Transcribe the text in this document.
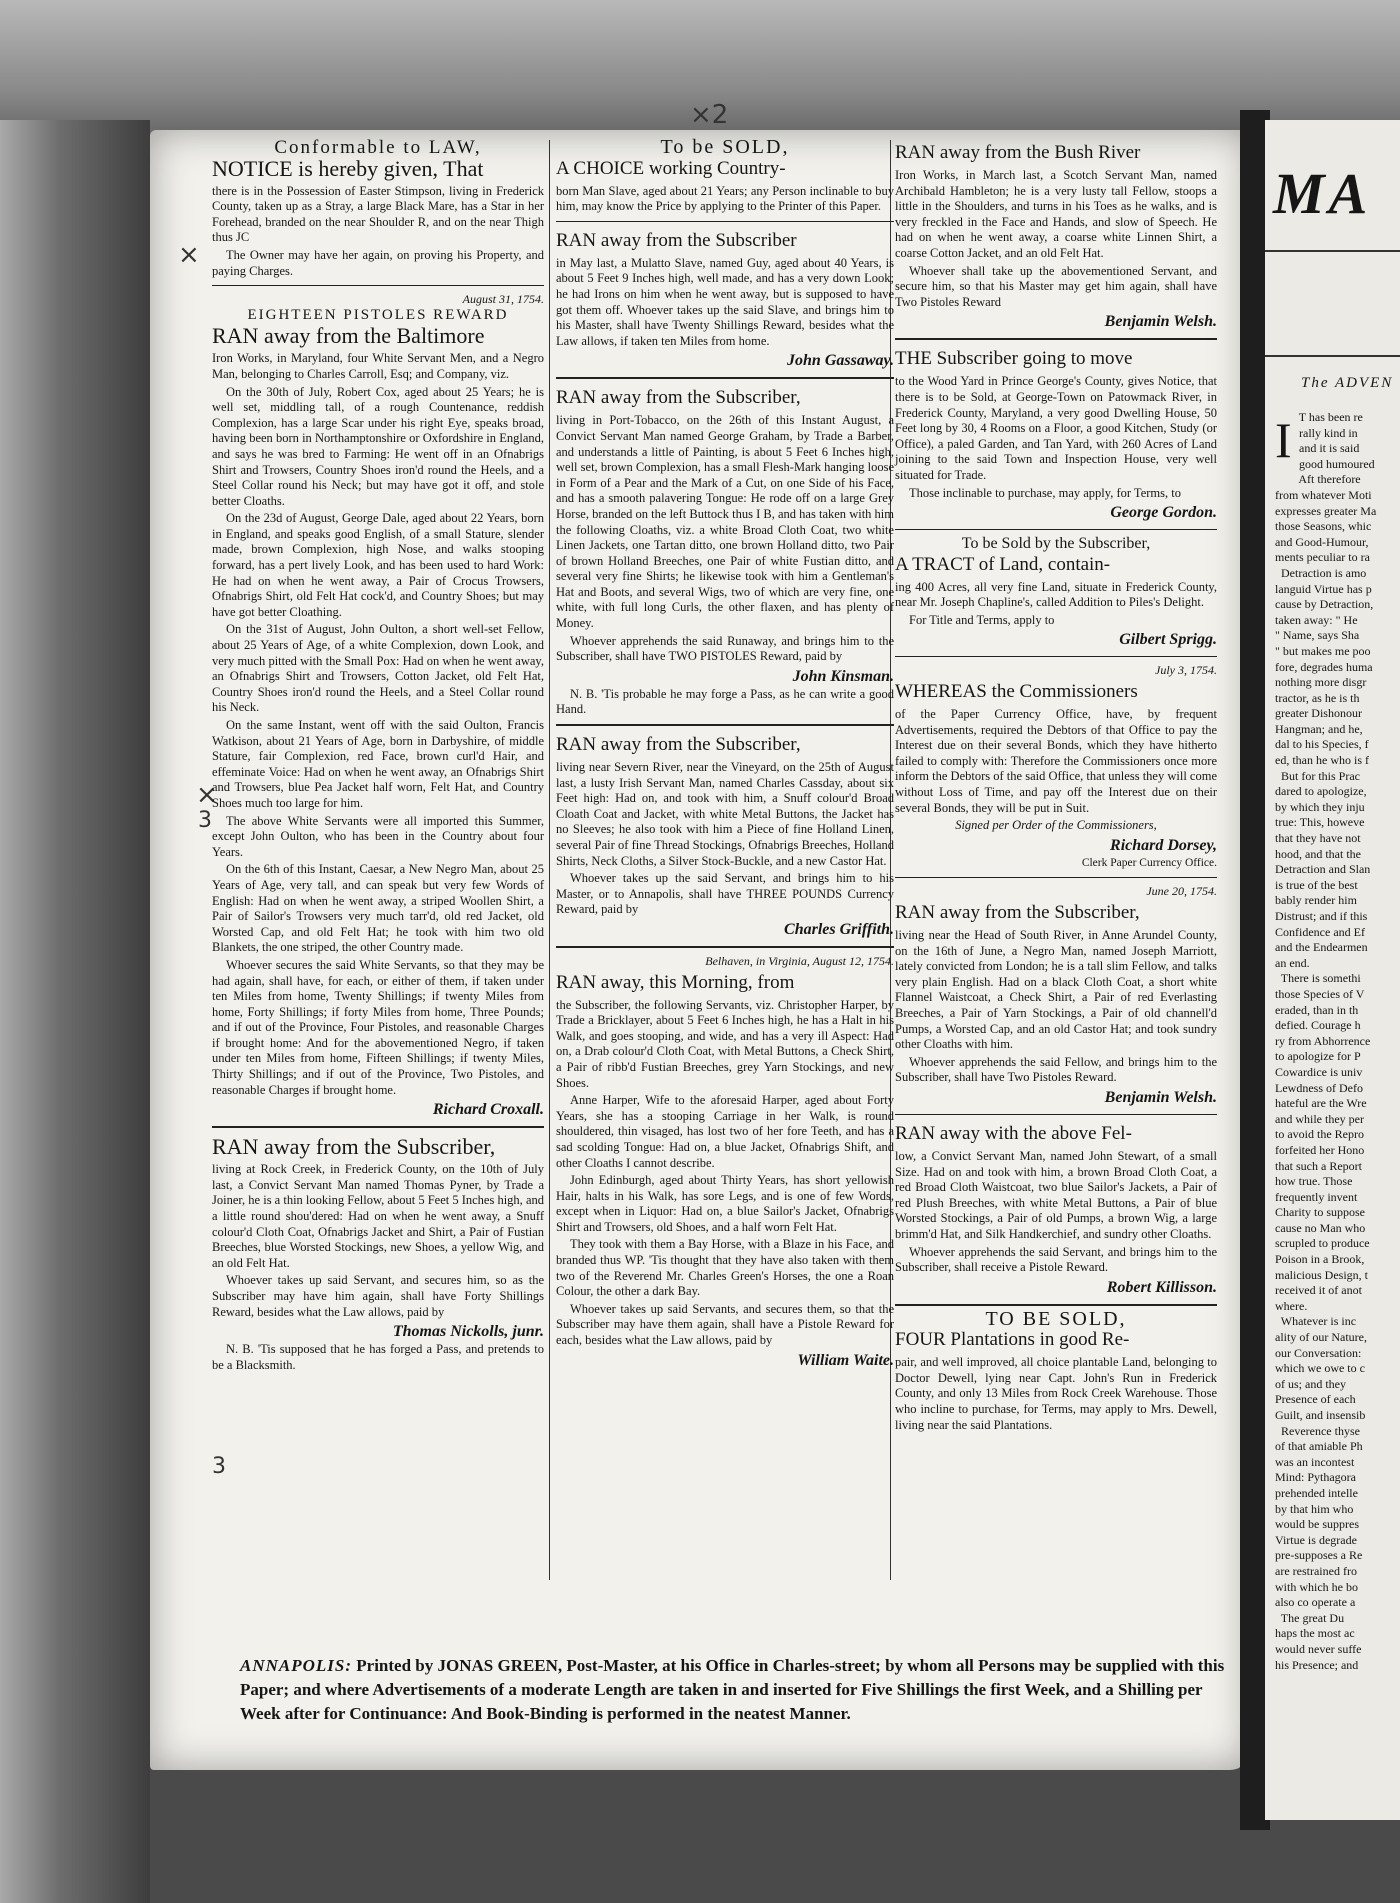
MA
The ADVEN
I T has been re
rally kind in
and it is said
good humoured
Aft therefore
from whatever Moti
expresses greater Ma
those Seasons, whic
and Good-Humour,
ments peculiar to ra
Detraction is amo
languid Virtue has p
cause by Detraction,
taken away: " He
" Name, says Sha
" but makes me poo
fore, degrades huma
nothing more disgr
tractor, as he is th
greater Dishonour
Hangman; and he,
dal to his Species, f
ed, than he who is f
But for this Prac
dared to apologize,
by which they inju
true: This, howeve
that they have not
hood, and that the
Detraction and Slan
is true of the best
bably render him
Distrust; and if this
Confidence and Ef
and the Endearmen
an end.
There is somethi
those Species of V
eraded, than in th
defied. Courage h
ry from Abhorrence
to apologize for P
Cowardice is univ
Lewdness of Defo
hateful are the Wre
and while they per
to avoid the Repro
forfeited her Hono
that such a Report
how true. Those
frequently invent
Charity to suppose
cause no Man who
scrupled to produce
Poison in a Brook,
malicious Design, t
received it of anot
where.
Whatever is inc
ality of our Nature,
our Conversation:
which we owe to c
of us; and they
Presence of each
Guilt, and insensib
Reverence thyse
of that amiable Ph
was an incontest
Mind: Pythagora
prehended intelle
by that him who
would be suppres
Virtue is degrade
pre-supposes a Re
are restrained fro
with which he bo
also co operate a
The great Du
haps the most ac
would never suffe
his Presence; and
×2
×
×
3
3
Conformable to LAW,

NOTICE is hereby given, That

there is in the Possession of Easter Stimpson, living in Frederick County, taken up as a Stray, a large Black Mare, has a Star in her Forehead, branded on the near Shoulder R, and on the near Thigh thus JC

The Owner may have her again, on proving his Property, and paying Charges.

August 31, 1754.
EIGHTEEN PISTOLES REWARD

RAN away from the Baltimore

Iron Works, in Maryland, four White Servant Men, and a Negro Man, belonging to Charles Carroll, Esq; and Company, viz.

On the 30th of July, Robert Cox, aged about 25 Years; he is well set, middling tall, of a rough Countenance, reddish Complexion, has a large Scar under his right Eye, speaks broad, having been born in Northamptonshire or Oxfordshire in England, and says he was bred to Farming: He went off in an Ofnabrigs Shirt and Trowsers, Country Shoes iron'd round the Heels, and a Steel Collar round his Neck; but may have got it off, and stole better Cloaths.

On the 23d of August, George Dale, aged about 22 Years, born in England, and speaks good English, of a small Stature, slender made, brown Complexion, high Nose, and walks stooping forward, has a pert lively Look, and has been used to hard Work: He had on when he went away, a Pair of Crocus Trowsers, Ofnabrigs Shirt, old Felt Hat cock'd, and Country Shoes; but may have got better Cloathing.

On the 31st of August, John Oulton, a short well-set Fellow, about 25 Years of Age, of a white Complexion, down Look, and very much pitted with the Small Pox: Had on when he went away, an Ofnabrigs Shirt and Trowsers, Cotton Jacket, old Felt Hat, Country Shoes iron'd round the Heels, and a Steel Collar round his Neck.

On the same Instant, went off with the said Oulton, Francis Watkison, about 21 Years of Age, born in Darbyshire, of middle Stature, fair Complexion, red Face, brown curl'd Hair, and effeminate Voice: Had on when he went away, an Ofnabrigs Shirt and Trowsers, blue Pea Jacket half worn, Felt Hat, and Country Shoes much too large for him.

The above White Servants were all imported this Summer, except John Oulton, who has been in the Country about four Years.

On the 6th of this Instant, Caesar, a New Negro Man, about 25 Years of Age, very tall, and can speak but very few Words of English: Had on when he went away, a striped Woollen Shirt, a Pair of Sailor's Trowsers very much tarr'd, old red Jacket, old Worsted Cap, and old Felt Hat; he took with him two old Blankets, the one striped, the other Country made.

Whoever secures the said White Servants, so that they may be had again, shall have, for each, or either of them, if taken under ten Miles from home, Twenty Shillings; if twenty Miles from home, Forty Shillings; if forty Miles from home, Three Pounds; and if out of the Province, Four Pistoles, and reasonable Charges if brought home: And for the abovementioned Negro, if taken under ten Miles from home, Fifteen Shillings; if twenty Miles, Thirty Shillings; and if out of the Province, Two Pistoles, and reasonable Charges if brought home.

Richard Croxall.

RAN away from the Subscriber,

living at Rock Creek, in Frederick County, on the 10th of July last, a Convict Servant Man named Thomas Pyner, by Trade a Joiner, he is a thin looking Fellow, about 5 Feet 5 Inches high, and a little round shou'dered: Had on when he went away, a Snuff colour'd Cloth Coat, Ofnabrigs Jacket and Shirt, a Pair of Fustian Breeches, blue Worsted Stockings, new Shoes, a yellow Wig, and an old Felt Hat.

Whoever takes up said Servant, and secures him, so as the Subscriber may have him again, shall have Forty Shillings Reward, besides what the Law allows, paid by

Thomas Nickolls, junr.

N. B. 'Tis supposed that he has forged a Pass, and pretends to be a Blacksmith.

To be SOLD,

A CHOICE working Country-

born Man Slave, aged about 21 Years; any Person inclinable to buy him, may know the Price by applying to the Printer of this Paper.

RAN away from the Subscriber

in May last, a Mulatto Slave, named Guy, aged about 40 Years, is about 5 Feet 9 Inches high, well made, and has a very down Look; he had Irons on him when he went away, but is supposed to have got them off. Whoever takes up the said Slave, and brings him to his Master, shall have Twenty Shillings Reward, besides what the Law allows, if taken ten Miles from home.

John Gassaway.

RAN away from the Subscriber,

living in Port-Tobacco, on the 26th of this Instant August, a Convict Servant Man named George Graham, by Trade a Barber, and understands a little of Painting, is about 5 Feet 6 Inches high, well set, brown Complexion, has a small Flesh-Mark hanging loose in Form of a Pear and the Mark of a Cut, on one Side of his Face, and has a smooth palavering Tongue: He rode off on a large Grey Horse, branded on the left Buttock thus I B, and has taken with him the following Cloaths, viz. a white Broad Cloth Coat, two white Linen Jackets, one Tartan ditto, one brown Holland ditto, two Pair of brown Holland Breeches, one Pair of white Fustian ditto, and several very fine Shirts; he likewise took with him a Gentleman's Hat and Boots, and several Wigs, two of which are very fine, one white, with full long Curls, the other flaxen, and has plenty of Money.

Whoever apprehends the said Runaway, and brings him to the Subscriber, shall have TWO PISTOLES Reward, paid by

John Kinsman.

N. B. 'Tis probable he may forge a Pass, as he can write a good Hand.

RAN away from the Subscriber,

living near Severn River, near the Vineyard, on the 25th of August last, a lusty Irish Servant Man, named Charles Cassday, about six Feet high: Had on, and took with him, a Snuff colour'd Broad Cloath Coat and Jacket, with white Metal Buttons, the Jacket has no Sleeves; he also took with him a Piece of fine Holland Linen, several Pair of fine Thread Stockings, Ofnabrigs Breeches, Holland Shirts, Neck Cloths, a Silver Stock-Buckle, and a new Castor Hat.

Whoever takes up the said Servant, and brings him to his Master, or to Annapolis, shall have THREE POUNDS Currency Reward, paid by

Charles Griffith.
Belhaven, in Virginia, August 12, 1754.

RAN away, this Morning, from

the Subscriber, the following Servants, viz. Christopher Harper, by Trade a Bricklayer, about 5 Feet 6 Inches high, he has a Halt in his Walk, and goes stooping, and wide, and has a very ill Aspect: Had on, a Drab colour'd Cloth Coat, with Metal Buttons, a Check Shirt, a Pair of ribb'd Fustian Breeches, grey Yarn Stockings, and new Shoes.

Anne Harper, Wife to the aforesaid Harper, aged about Forty Years, she has a stooping Carriage in her Walk, is round shouldered, thin visaged, has lost two of her fore Teeth, and has a sad scolding Tongue: Had on, a blue Jacket, Ofnabrigs Shift, and other Cloaths I cannot describe.

John Edinburgh, aged about Thirty Years, has short yellowish Hair, halts in his Walk, has sore Legs, and is one of few Words, except when in Liquor: Had on, a blue Sailor's Jacket, Ofnabrigs Shirt and Trowsers, old Shoes, and a half worn Felt Hat.

They took with them a Bay Horse, with a Blaze in his Face, and branded thus WP. 'Tis thought that they have also taken with them two of the Reverend Mr. Charles Green's Horses, the one a Roan Colour, the other a dark Bay.

Whoever takes up said Servants, and secures them, so that the Subscriber may have them again, shall have a Pistole Reward for each, besides what the Law allows, paid by

William Waite.

RAN away from the Bush River

Iron Works, in March last, a Scotch Servant Man, named Archibald Hambleton; he is a very lusty tall Fellow, stoops a little in the Shoulders, and turns in his Toes as he walks, and is very freckled in the Face and Hands, and slow of Speech. He had on when he went away, a coarse white Linnen Shirt, a coarse Cotton Jacket, and an old Felt Hat.

Whoever shall take up the abovementioned Servant, and secure him, so that his Master may get him again, shall have Two Pistoles Reward

Benjamin Welsh.

THE Subscriber going to move

to the Wood Yard in Prince George's County, gives Notice, that there is to be Sold, at George-Town on Patowmack River, in Frederick County, Maryland, a very good Dwelling House, 50 Feet long by 30, 4 Rooms on a Floor, a good Kitchen, Study (or Office), a paled Garden, and Tan Yard, with 260 Acres of Land joining to the said Town and Inspection House, very well situated for Trade.

Those inclinable to purchase, may apply, for Terms, to

George Gordon.
To be Sold by the Subscriber,

A TRACT of Land, contain-

ing 400 Acres, all very fine Land, situate in Frederick County, near Mr. Joseph Chapline's, called Addition to Piles's Delight.

For Title and Terms, apply to

Gilbert Sprigg.
July 3, 1754.

WHEREAS the Commissioners

of the Paper Currency Office, have, by frequent Advertisements, required the Debtors of that Office to pay the Interest due on their several Bonds, which they have hitherto failed to comply with: Therefore the Commissioners once more inform the Debtors of the said Office, that unless they will come without Loss of Time, and pay off the Interest due on their several Bonds, they will be put in Suit.

Signed per Order of the Commissioners,

Richard Dorsey,
Clerk Paper Currency Office.
June 20, 1754.

RAN away from the Subscriber,

living near the Head of South River, in Anne Arundel County, on the 16th of June, a Negro Man, named Joseph Marriott, lately convicted from London; he is a tall slim Fellow, and talks very plain English. Had on a black Cloth Coat, a short white Flannel Waistcoat, a Check Shirt, a Pair of red Everlasting Breeches, a Pair of Yarn Stockings, a Pair of old channell'd Pumps, a Worsted Cap, and an old Castor Hat; and took sundry other Cloaths with him.

Whoever apprehends the said Fellow, and brings him to the Subscriber, shall have Two Pistoles Reward.

Benjamin Welsh.

RAN away with the above Fel-

low, a Convict Servant Man, named John Stewart, of a small Size. Had on and took with him, a brown Broad Cloth Coat, a red Broad Cloth Waistcoat, two blue Sailor's Jackets, a Pair of red Plush Breeches, with white Metal Buttons, a Pair of blue Worsted Stockings, a Pair of old Pumps, a brown Wig, a large brimm'd Hat, and Silk Handkerchief, and sundry other Cloaths.

Whoever apprehends the said Servant, and brings him to the Subscriber, shall receive a Pistole Reward.

Robert Killisson.
TO BE SOLD,

FOUR Plantations in good Re-

pair, and well improved, all choice plantable Land, belonging to Doctor Dewell, lying near Capt. John's Run in Frederick County, and only 13 Miles from Rock Creek Warehouse. Those who incline to purchase, for Terms, may apply to Mrs. Dewell, living near the said Plantations.

ANNAPOLIS: Printed by JONAS GREEN, Post-Master, at his Office in Charles-street; by whom all Persons may be supplied with this Paper; and where Advertisements of a moderate Length are taken in and inserted for Five Shillings the first Week, and a Shilling per Week after for Continuance: And Book-Binding is performed in the neatest Manner.
